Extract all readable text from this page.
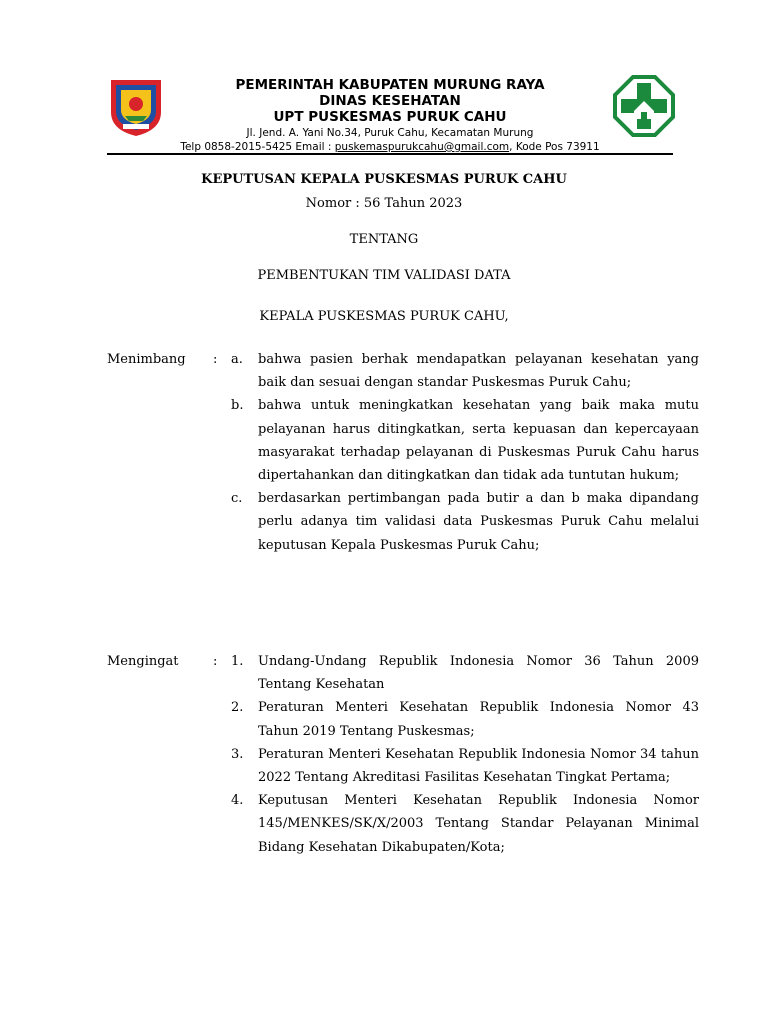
PEMERINTAH KABUPATEN MURUNG RAYA
DINAS KESEHATAN
UPT PUSKESMAS PURUK CAHU
Jl. Jend. A. Yani No.34, Puruk Cahu, Kecamatan Murung
Telp 0858-2015-5425 Email : puskemaspurukcahu@gmail.com, Kode Pos 73911
KEPUTUSAN KEPALA PUSKESMAS PURUK CAHU
Nomor : 56 Tahun 2023
TENTANG
PEMBENTUKAN TIM VALIDASI DATA
KEPALA PUSKESMAS PURUK CAHU,
Menimbang : a. bahwa pasien berhak mendapatkan pelayanan kesehatan yang baik dan sesuai dengan standar Puskesmas Puruk Cahu;
b. bahwa untuk meningkatkan kesehatan yang baik maka mutu pelayanan harus ditingkatkan, serta kepuasan dan kepercayaan masyarakat terhadap pelayanan di Puskesmas Puruk Cahu harus dipertahankan dan ditingkatkan dan tidak ada tuntutan hukum;
c. berdasarkan pertimbangan pada butir a dan b maka dipandang perlu adanya tim validasi data Puskesmas Puruk Cahu melalui keputusan Kepala Puskesmas Puruk Cahu;
Mengingat	: 1. Undang-Undang Republik Indonesia Nomor 36 Tahun 2009 Tentang Kesehatan
2. Peraturan Menteri Kesehatan Republik Indonesia Nomor 43 Tahun 2019 Tentang Puskesmas;
3. Peraturan Menteri Kesehatan Republik Indonesia Nomor 34 tahun 2022 Tentang Akreditasi Fasilitas Kesehatan Tingkat Pertama;
4. Keputusan Menteri Kesehatan Republik Indonesia Nomor 145/MENKES/SK/X/2003 Tentang Standar Pelayanan Minimal Bidang Kesehatan Dikabupaten/Kota;
